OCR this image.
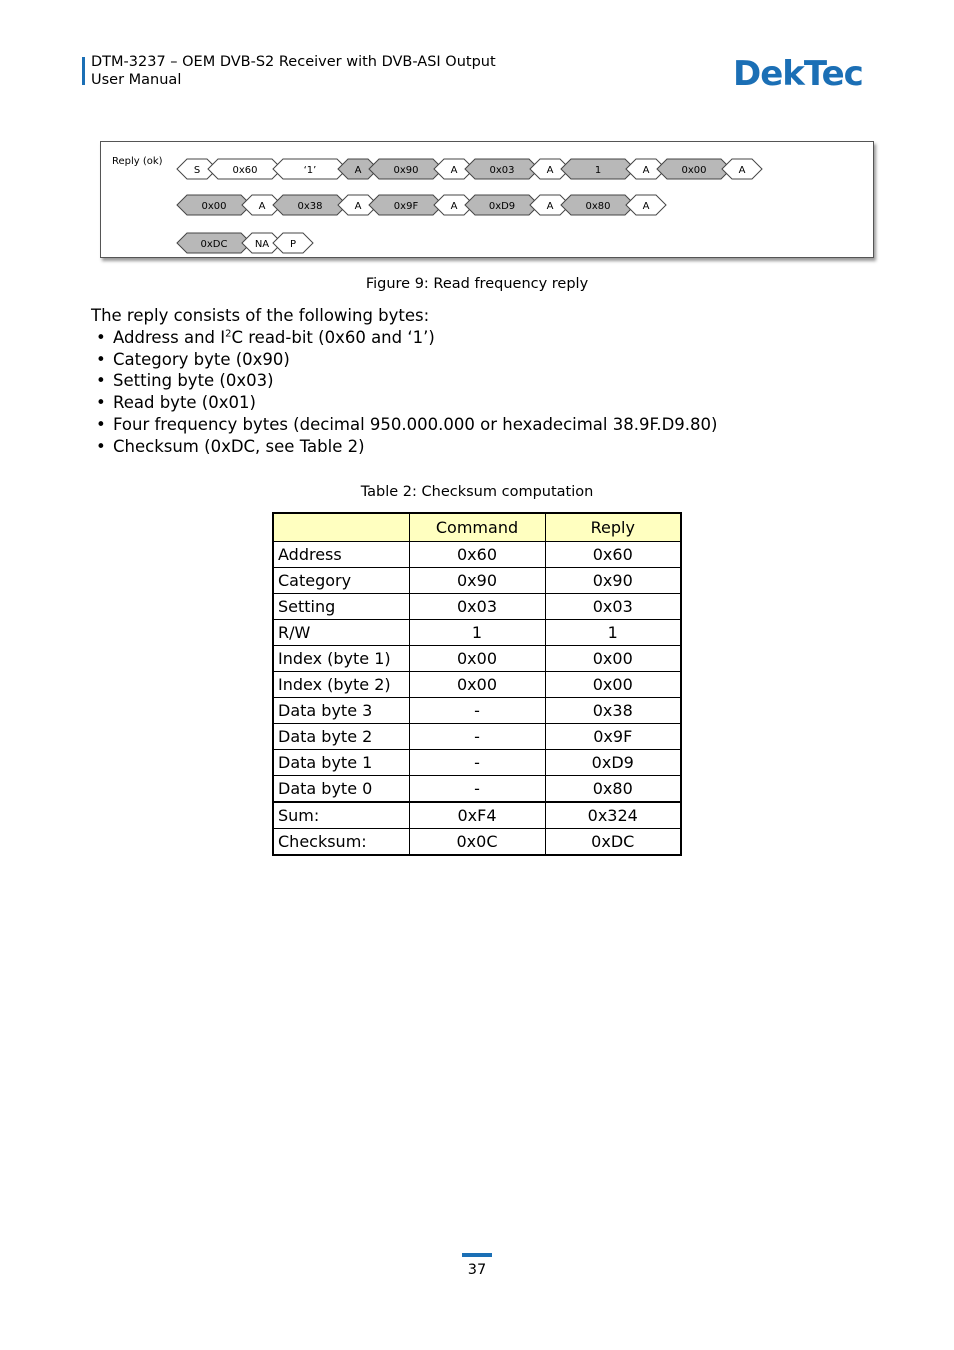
DTM-3237 – OEM DVB-S2 Receiver with DVB-ASI Output
User Manual	DekTec
Reply (ok)
S	0x60	‘1’	A	0x90	A	0x03	A	1	A	0x00	A
0x00	A	0x38	A	0x9F	A	0xD9	A	0x80	A
0xDC	NA P
Figure 9: Read frequency reply
The reply consists of the following bytes:
• Address and $I^2C$ read-bit (0x60 and ‘1’)
• Category byte (0x90)
• Setting byte (0x03)
• Read byte (0x01)
• Four frequency bytes (decimal 950.000.000 or hexadecimal 38.9F.D9.80)
• Checksum (0xDC, see Table 2)
Table 2: Checksum computation
	Command	Reply
Address	0x60	0x60
Category	0x90	0x90
Setting	0x03	0x03
R/W	1	1
Index (byte 1)	0x00	0x00
Index (byte 2)	0x00	0x00
Data byte 3	-	0x38
Data byte 2	-	0x9F
Data byte 1	-	0xD9
Data byte 0	-	0x80
Sum:	0xF4	0x324
Checksum:	0x0C	0xDC
37
